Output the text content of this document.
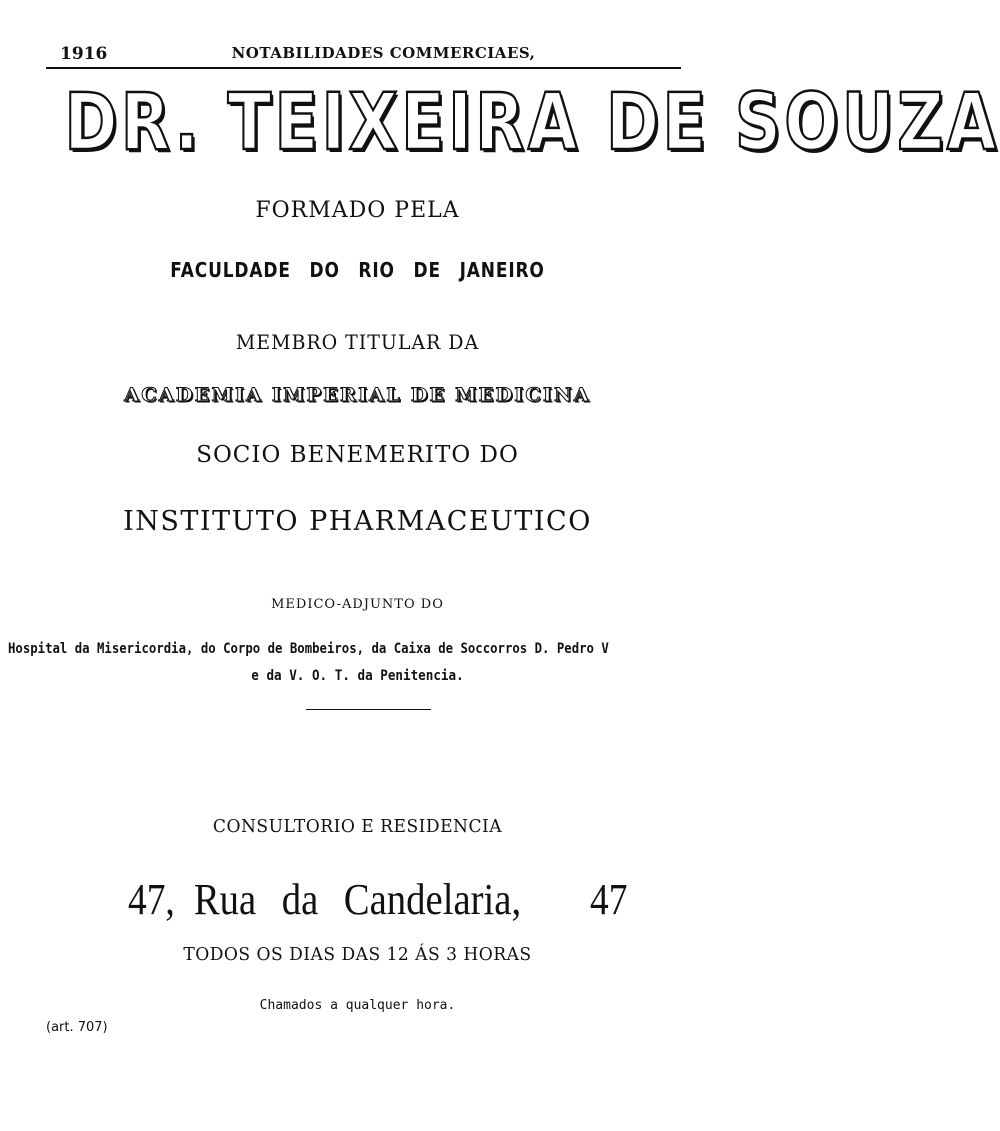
1916	NOTABILIDADES COMMERCIAES,
DR. TEIXEIRA DE SOUZA
FORMADO PELA
FACULDADE DO RIO DE JANEIRO
MEMBRO TITULAR DA
ACADEMIA IMPERIAL DE MEDICINA
SOCIO BENEMERITO DO
INSTITUTO PHARMACEUTICO
MEDICO-ADJUNTO DO
Hospital da Misericordia, do Corpo de Bombeiros, da Caixa de Soccorros D. Pedro V
e da V. O. T. da Penitencia.
CONSULTORIO E RESIDENCIA
47, Rua da Candelaria,	47
TODOS OS DIAS DAS 12 ÁS 3 HORAS
Chamados a qualquer hora.
(art. 707)
